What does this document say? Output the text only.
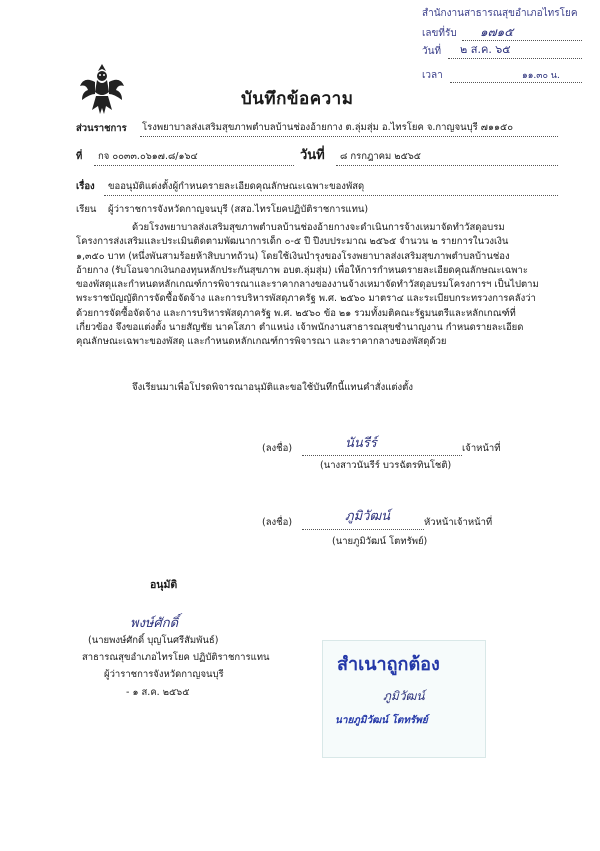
สำนักงานสาธารณสุขอำเภอไทรโยค
เลขที่รับ ๑๗๑๕
วันที่ ๒ ส.ค. ๖๕
เวลา	๑๑.๓๐ น.
บันทึกข้อความ
ส่วนราชการ โรงพยาบาลส่งเสริมสุขภาพตำบลบ้านช่องอ้ายกาง ต.ลุ่มสุ่ม อ.ไทรโยค จ.กาญจนบุรี ๗๑๑๕๐
ที่ กจ ๐๐๓๓.๐๖๑๗.๘/๑๖๔	วันที่ ๘ กรกฎาคม ๒๕๖๕
เรื่อง ขออนุมัติแต่งตั้งผู้กำหนดรายละเอียดคุณลักษณะเฉพาะของพัสดุ
เรียน ผู้ว่าราชการจังหวัดกาญจนบุรี (สสอ.ไทรโยคปฏิบัติราชการแทน)
ด้วยโรงพยาบาลส่งเสริมสุขภาพตำบลบ้านช่องอ้ายกางจะดำเนินการจ้างเหมาจัดทำวัสดุอบรม
โครงการส่งเสริมและประเมินติดตามพัฒนาการเด็ก ๐-๕ ปี ปีงบประมาณ ๒๕๖๕ จำนวน ๒ รายการในวงเงิน
๑,๓๕๐ บาท (หนึ่งพันสามร้อยห้าสิบบาทถ้วน) โดยใช้เงินบำรุงของโรงพยาบาลส่งเสริมสุขภาพตำบลบ้านช่อง
อ้ายกาง (รับโอนจากเงินกองทุนหลักประกันสุขภาพ อบต.ลุ่มสุ่ม) เพื่อให้การกำหนดรายละเอียดคุณลักษณะเฉพาะ
ของพัสดุและกำหนดหลักเกณฑ์การพิจารณาและราคากลางของงานจ้างเหมาจัดทำวัสดุอบรมโครงการฯ เป็นไปตาม
พระราชบัญญัติการจัดซื้อจัดจ้าง และการบริหารพัสดุภาครัฐ พ.ศ. ๒๕๖๐ มาตรา๔ และระเบียบกระทรวงการคลังว่า
ด้วยการจัดซื้อจัดจ้าง และการบริหารพัสดุภาครัฐ พ.ศ. ๒๕๖๐ ข้อ ๒๑ รวมทั้งมติคณะรัฐมนตรีและหลักเกณฑ์ที่
เกี่ยวข้อง จึงขอแต่งตั้ง นายสัญชัย นาคโสภา ตำแหน่ง เจ้าพนักงานสาธารณสุขชำนาญงาน กำหนดรายละเอียด
คุณลักษณะเฉพาะของพัสดุ และกำหนดหลักเกณฑ์การพิจารณา และราคากลางของพัสดุด้วย
จึงเรียนมาเพื่อโปรดพิจารณาอนุมัติและขอใช้บันทึกนี้แทนคำสั่งแต่งตั้ง
(ลงชื่อ)	นันรีร์	เจ้าหน้าที่
(นางสาวนันรีร์ บวรฉัตรทินโชติ)
(ลงชื่อ)	ภูมิวัฒน์	หัวหน้าเจ้าหน้าที่
(นายภูมิวัฒน์ โตทรัพย์)
อนุมัติ
พงษ์ศักดิ์
(นายพงษ์ศักดิ์ บุญโนศรีสัมพันธ์)
สาธารณสุขอำเภอไทรโยค ปฏิบัติราชการแทน
ผู้ว่าราชการจังหวัดกาญจนบุรี
- ๑ ส.ค. ๒๕๖๕
สำเนาถูกต้อง
ภูมิวัฒน์
นายภูมิวัฒน์ โตทรัพย์
